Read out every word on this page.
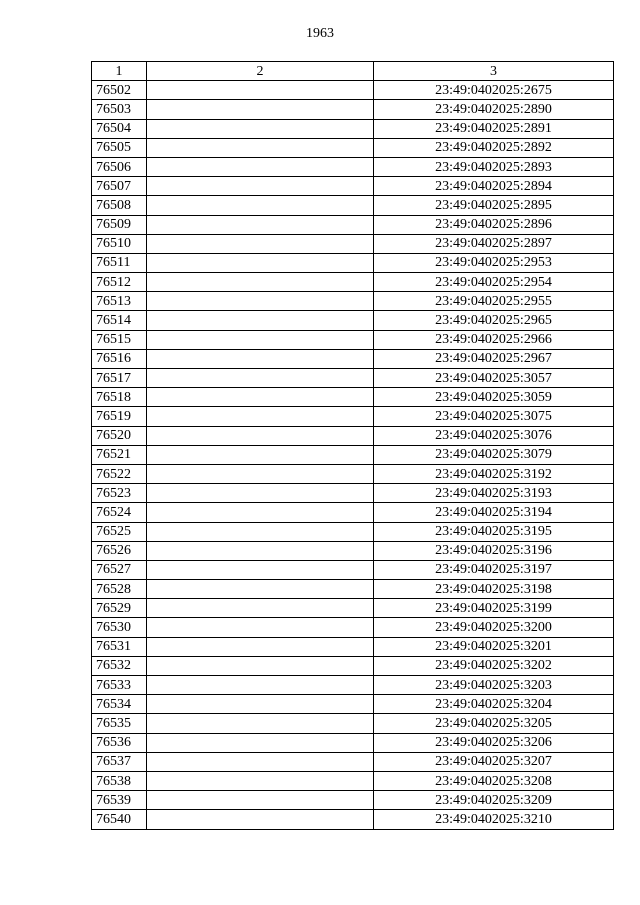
1963
1	2	3
76502		23:49:0402025:2675
76503		23:49:0402025:2890
76504		23:49:0402025:2891
76505		23:49:0402025:2892
76506		23:49:0402025:2893
76507		23:49:0402025:2894
76508		23:49:0402025:2895
76509		23:49:0402025:2896
76510		23:49:0402025:2897
76511		23:49:0402025:2953
76512		23:49:0402025:2954
76513		23:49:0402025:2955
76514		23:49:0402025:2965
76515		23:49:0402025:2966
76516		23:49:0402025:2967
76517		23:49:0402025:3057
76518		23:49:0402025:3059
76519		23:49:0402025:3075
76520		23:49:0402025:3076
76521		23:49:0402025:3079
76522		23:49:0402025:3192
76523		23:49:0402025:3193
76524		23:49:0402025:3194
76525		23:49:0402025:3195
76526		23:49:0402025:3196
76527		23:49:0402025:3197
76528		23:49:0402025:3198
76529		23:49:0402025:3199
76530		23:49:0402025:3200
76531		23:49:0402025:3201
76532		23:49:0402025:3202
76533		23:49:0402025:3203
76534		23:49:0402025:3204
76535		23:49:0402025:3205
76536		23:49:0402025:3206
76537		23:49:0402025:3207
76538		23:49:0402025:3208
76539		23:49:0402025:3209
76540		23:49:0402025:3210
